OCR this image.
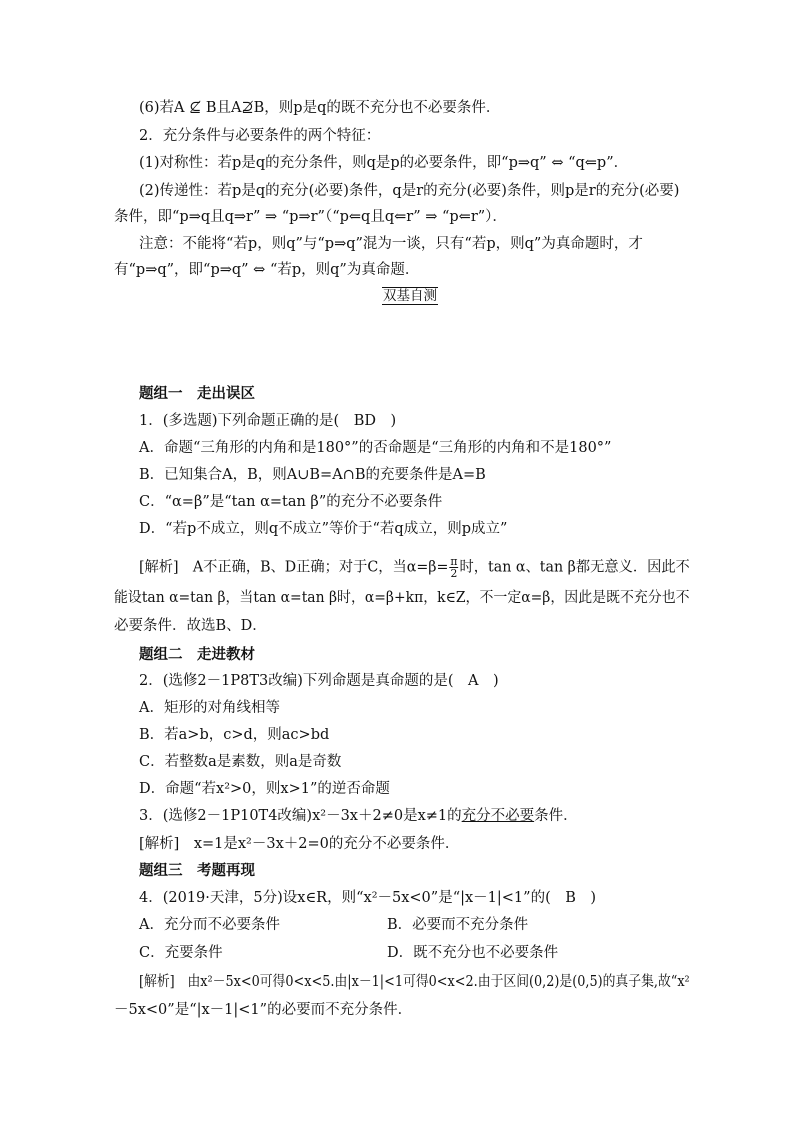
(6)若A ⊈ B且A⊉B，则p是q的既不充分也不必要条件．
2．充分条件与必要条件的两个特征：
(1)对称性：若p是q的充分条件，则q是p的必要条件，即“p⇒q” ⇔ “q⇐p”．
(2)传递性：若p是q的充分(必要)条件，q是r的充分(必要)条件，则p是r的充分(必要)
条件，即“p⇒q且q⇒r” ⇒ “p⇒r”（“p⇐q且q⇐r” ⇒ “p⇐r”）．
注意：不能将“若p，则q”与“p⇒q”混为一谈，只有“若p，则q”为真命题时，才
有“p⇒q”，即“p⇒q” ⇔ “若p，则q”为真命题．
双基自测
题组一　走出误区
1．(多选题)下列命题正确的是(　BD　)
A．命题“三角形的内角和是180°”的否命题是“三角形的内角和不是180°”
B．已知集合A，B，则A∪B=A∩B的充要条件是A=B
C．“α=β”是“tan α=tan β”的充分不必要条件
D．“若p不成立，则q不成立”等价于“若q成立，则p成立”
[解析]　A不正确，B、D正确；对于C，当$\alpha=\beta= \frac{\pi}{2}$ 时，tan α、tan β都无意义．因此不
能设tan α=tan β，当tan α=tan β时，α=β+kπ，k∈Z，不一定α=β，因此是既不充分也不
必要条件．故选B、D．
题组二　走进教材
2．(选修2－1P8T3改编)下列命题是真命题的是(　A　)
A．矩形的对角线相等
B．若a>b，c>d，则ac>bd
C．若整数a是素数，则a是奇数
D．命题“若x²>0，则x>1”的逆否命题
3．(选修2－1P10T4改编)x²－3x＋2≠0是x≠1的充分不必要条件．
[解析]　x=1是x²－3x＋2=0的充分不必要条件．
题组三　考题再现
4．(2019·天津，5分)设x∈R，则“x²－5x<0”是“|x－1|<1”的(　B　)
A．充分而不必要条件	B．必要而不充分条件
C．充要条件	D．既不充分也不必要条件
[解析]　由x²－5x<0可得0<x<5.由|x－1|<1可得0<x<2.由于区间(0,2)是(0,5)的真子集,故“x²
－5x<0”是“|x－1|<1”的必要而不充分条件．
